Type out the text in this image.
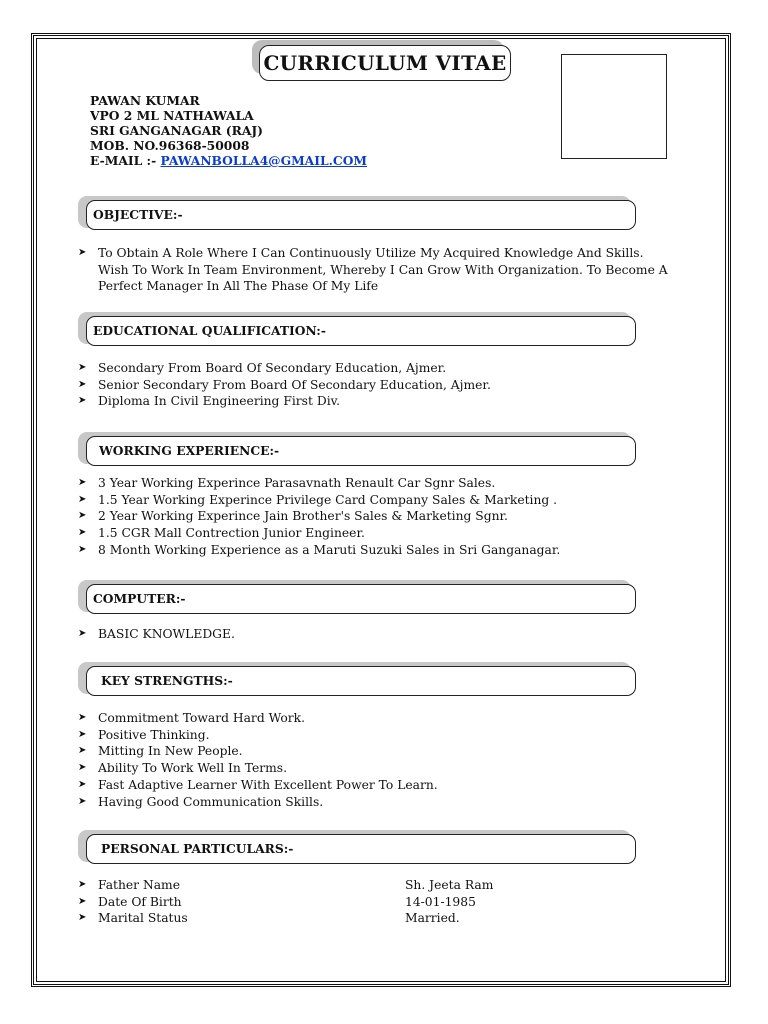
CURRICULUM VITAE
PAWAN KUMAR
VPO 2 ML NATHAWALA
SRI GANGANAGAR (RAJ)
MOB. NO.96368-50008
E-MAIL :- PAWANBOLLA4@GMAIL.COM
OBJECTIVE:-
➤ To Obtain A Role Where I Can Continuously Utilize My Acquired Knowledge And Skills. Wish To Work In Team Environment, Whereby I Can Grow With Organization. To Become A Perfect Manager In All The Phase Of My Life
EDUCATIONAL QUALIFICATION:-
➤ Secondary From Board Of Secondary Education, Ajmer.
➤ Senior Secondary From Board Of Secondary Education, Ajmer.
➤ Diploma In Civil Engineering First Div.
WORKING EXPERIENCE:-
➤ 3 Year Working Experince Parasavnath Renault Car Sgnr Sales.
➤ 1.5 Year Working Experince Privilege Card Company Sales & Marketing .
➤ 2 Year Working Experince Jain Brother's Sales & Marketing Sgnr.
➤ 1.5 CGR Mall Contrection Junior Engineer.
➤ 8 Month Working Experience as a Maruti Suzuki Sales in Sri Ganganagar.
COMPUTER:-
➤ BASIC KNOWLEDGE.
KEY STRENGTHS:-
➤ Commitment Toward Hard Work.
➤ Positive Thinking.
➤ Mitting In New People.
➤ Ability To Work Well In Terms.
➤ Fast Adaptive Learner With Excellent Power To Learn.
➤ Having Good Communication Skills.
PERSONAL PARTICULARS:-
➤ Father Name	Sh. Jeeta Ram
➤ Date Of Birth	14-01-1985
➤ Marital Status	Married.
